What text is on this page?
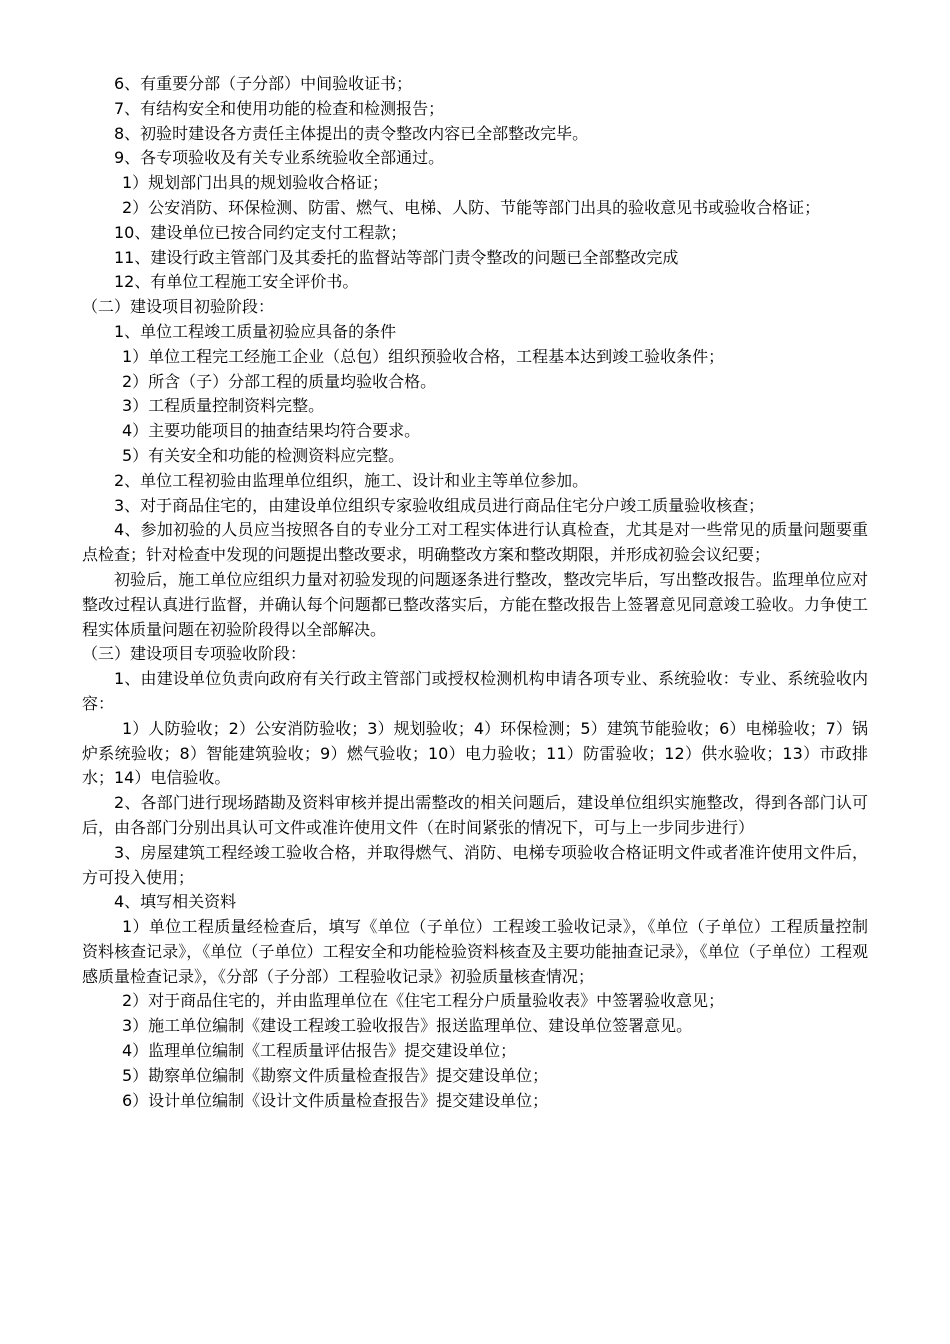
6、有重要分部（子分部）中间验收证书；

7、有结构安全和使用功能的检查和检测报告；

8、初验时建设各方责任主体提出的责令整改内容已全部整改完毕。

9、各专项验收及有关专业系统验收全部通过。

1）规划部门出具的规划验收合格证；

2）公安消防、环保检测、防雷、燃气、电梯、人防、节能等部门出具的验收意见书或验收合格证；

10、建设单位已按合同约定支付工程款；

11、建设行政主管部门及其委托的监督站等部门责令整改的问题已全部整改完成

12、有单位工程施工安全评价书。

（二）建设项目初验阶段：

1、单位工程竣工质量初验应具备的条件

1）单位工程完工经施工企业（总包）组织预验收合格，工程基本达到竣工验收条件；

2）所含（子）分部工程的质量均验收合格。

3）工程质量控制资料完整。

4）主要功能项目的抽查结果均符合要求。

5）有关安全和功能的检测资料应完整。

2、单位工程初验由监理单位组织，施工、设计和业主等单位参加。

3、对于商品住宅的，由建设单位组织专家验收组成员进行商品住宅分户竣工质量验收核查；

4、参加初验的人员应当按照各自的专业分工对工程实体进行认真检查，尤其是对一些常见的质量问题要重点检查；针对检查中发现的问题提出整改要求，明确整改方案和整改期限，并形成初验会议纪要；

初验后，施工单位应组织力量对初验发现的问题逐条进行整改，整改完毕后，写出整改报告。监理单位应对整改过程认真进行监督，并确认每个问题都已整改落实后，方能在整改报告上签署意见同意竣工验收。力争使工程实体质量问题在初验阶段得以全部解决。

（三）建设项目专项验收阶段：

1、由建设单位负责向政府有关行政主管部门或授权检测机构申请各项专业、系统验收：专业、系统验收内容：

1）人防验收；2）公安消防验收；3）规划验收；4）环保检测；5）建筑节能验收；6）电梯验收；7）锅炉系统验收；8）智能建筑验收；9）燃气验收；10）电力验收；11）防雷验收；12）供水验收；13）市政排水；14）电信验收。

2、各部门进行现场踏勘及资料审核并提出需整改的相关问题后，建设单位组织实施整改，得到各部门认可后，由各部门分别出具认可文件或准许使用文件（在时间紧张的情况下，可与上一步同步进行）

3、房屋建筑工程经竣工验收合格，并取得燃气、消防、电梯专项验收合格证明文件或者准许使用文件后，方可投入使用；

4、填写相关资料

1）单位工程质量经检查后，填写《单位（子单位）工程竣工验收记录》，《单位（子单位）工程质量控制资料核查记录》，《单位（子单位）工程安全和功能检验资料核查及主要功能抽查记录》，《单位（子单位）工程观感质量检查记录》，《分部（子分部）工程验收记录》初验质量核查情况；

2）对于商品住宅的，并由监理单位在《住宅工程分户质量验收表》中签署验收意见；

3）施工单位编制《建设工程竣工验收报告》报送监理单位、建设单位签署意见。

4）监理单位编制《工程质量评估报告》提交建设单位；

5）勘察单位编制《勘察文件质量检查报告》提交建设单位；

6）设计单位编制《设计文件质量检查报告》提交建设单位；
